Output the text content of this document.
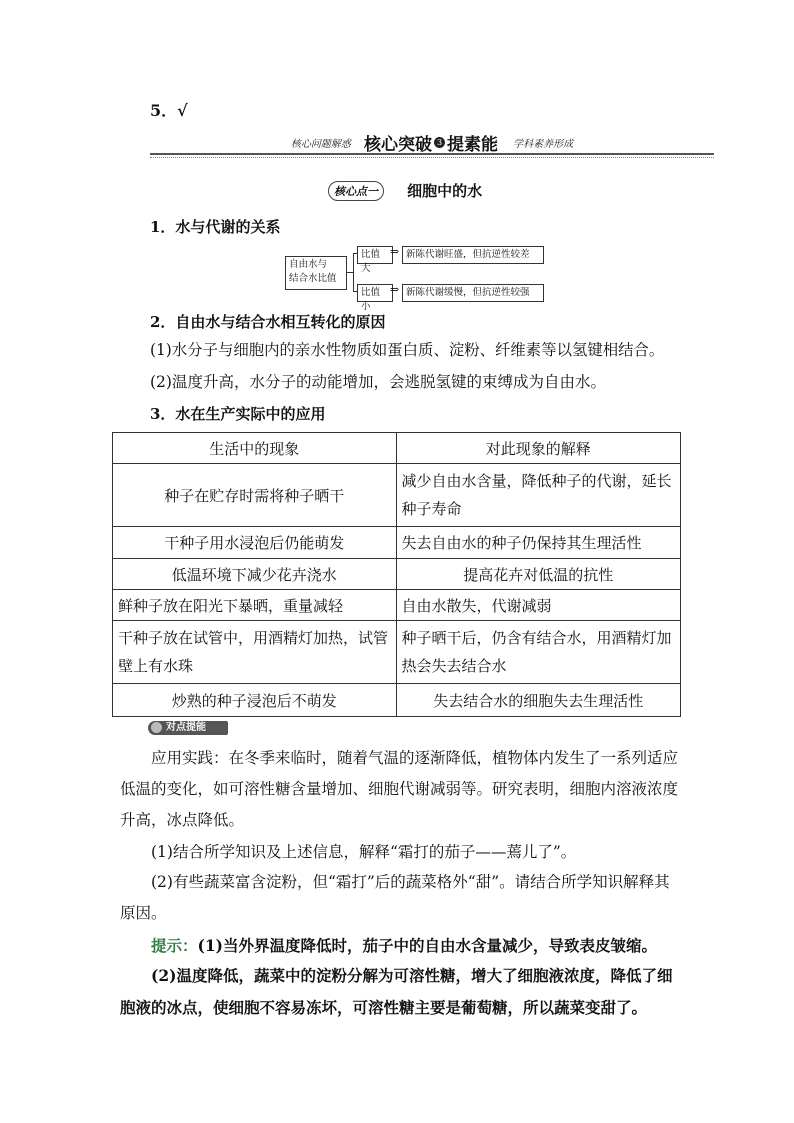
5．√
核心问题解惑 核心突破 3 提素能 学科素养形成
核心点一 细胞中的水
1．水与代谢的关系
自由水与
结合水比值
比值大
⇒ 新陈代谢旺盛，但抗逆性较差
比值小
⇒ 新陈代谢缓慢，但抗逆性较强
2．自由水与结合水相互转化的原因
(1)水分子与细胞内的亲水性物质如蛋白质、淀粉、纤维素等以氢键相结合。
(2)温度升高，水分子的动能增加，会逃脱氢键的束缚成为自由水。
3．水在生产实际中的应用
生活中的现象	对此现象的解释
种子在贮存时需将种子晒干	减少自由水含量，降低种子的代谢，延长种子寿命
干种子用水浸泡后仍能萌发	失去自由水的种子仍保持其生理活性
低温环境下减少花卉浇水	提高花卉对低温的抗性
鲜种子放在阳光下暴晒，重量减轻	自由水散失，代谢减弱
干种子放在试管中，用酒精灯加热，试管壁上有水珠	种子晒干后，仍含有结合水，用酒精灯加热会失去结合水
炒熟的种子浸泡后不萌发	失去结合水的细胞失去生理活性
对点提能
应用实践：在冬季来临时，随着气温的逐渐降低，植物体内发生了一系列适应低温的变化，如可溶性糖含量增加、细胞代谢减弱等。研究表明，细胞内溶液浓度升高，冰点降低。
(1)结合所学知识及上述信息，解释“霜打的茄子——蔫儿了”。
(2)有些蔬菜富含淀粉，但“霜打”后的蔬菜格外“甜”。请结合所学知识解释其原因。
提示：(1)当外界温度降低时，茄子中的自由水含量减少，导致表皮皱缩。
(2)温度降低，蔬菜中的淀粉分解为可溶性糖，增大了细胞液浓度，降低了细胞液的冰点，使细胞不容易冻坏，可溶性糖主要是葡萄糖，所以蔬菜变甜了。
